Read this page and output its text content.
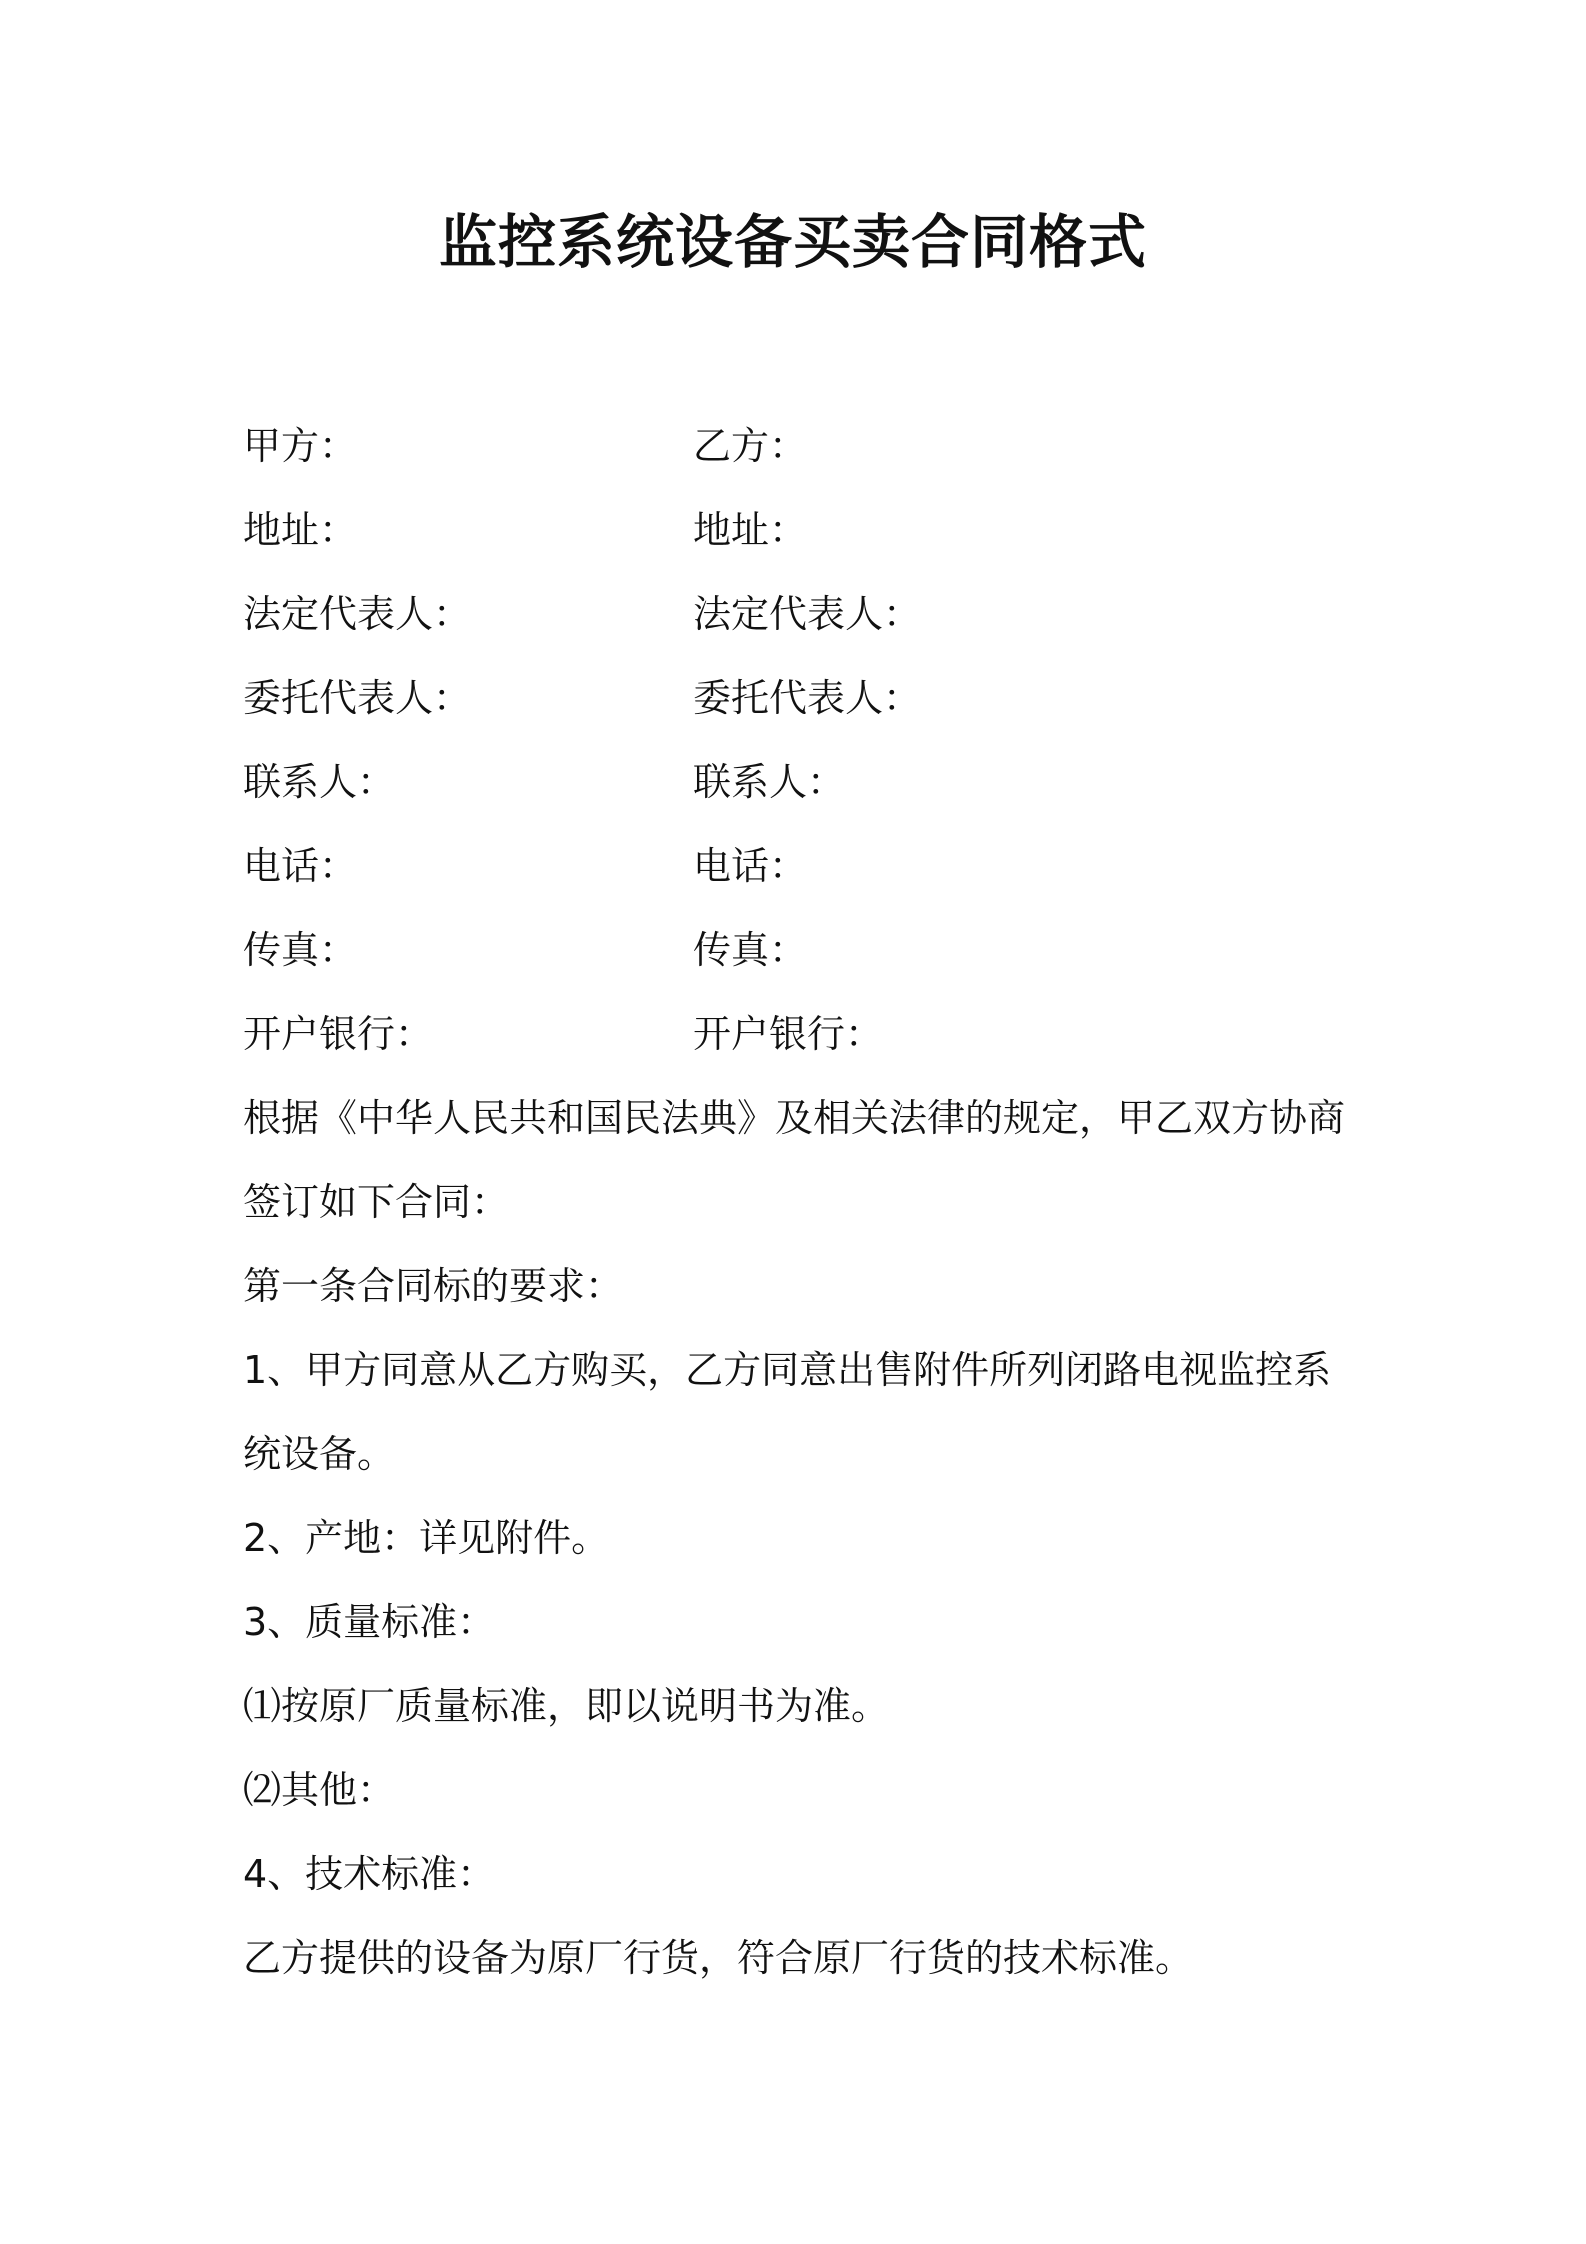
监控系统设备买卖合同格式
甲方：	乙方：
地址：	地址：
法定代表人：	法定代表人：
委托代表人：	委托代表人：
联系人：	联系人：
电话：	电话：
传真：	传真：
开户银行：	开户银行：

根据《中华人民共和国民法典》及相关法律的规定，甲乙双方协商签订如下合同：

第一条合同标的要求：

1、甲方同意从乙方购买，乙方同意出售附件所列闭路电视监控系统设备。

2、产地：详见附件。

3、质量标准：

⑴按原厂质量标准，即以说明书为准。

⑵其他：

4、技术标准：

乙方提供的设备为原厂行货，符合原厂行货的技术标准。
